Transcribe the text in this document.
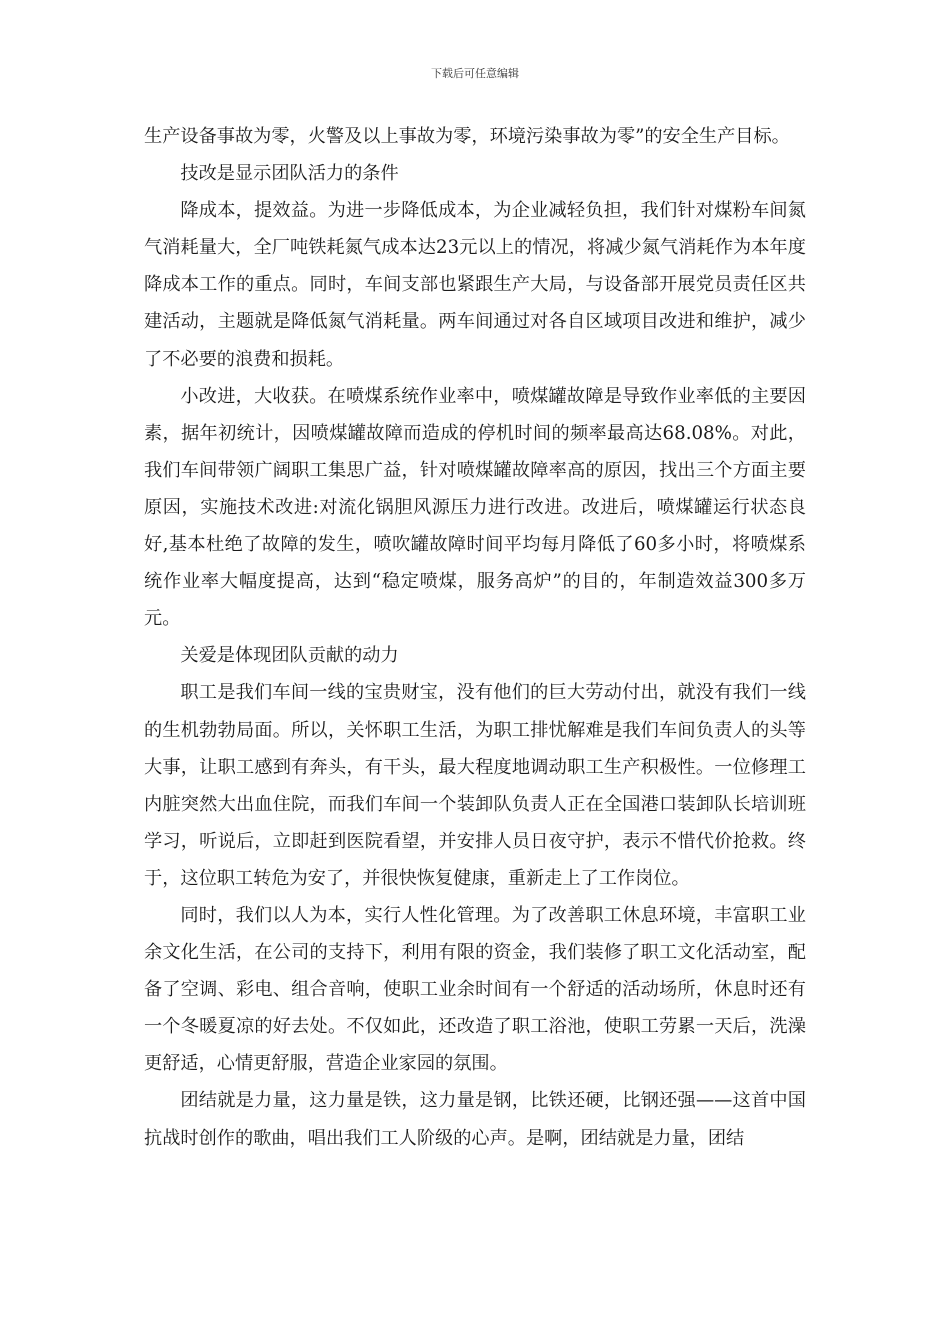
下载后可任意编辑

生产设备事故为零，火警及以上事故为零，环境污染事故为零”的安全生产目标。

技改是显示团队活力的条件

降成本，提效益。为进一步降低成本，为企业减轻负担，我们针对煤粉车间氮气消耗量大，全厂吨铁耗氮气成本达23元以上的情况，将减少氮气消耗作为本年度降成本工作的重点。同时，车间支部也紧跟生产大局，与设备部开展党员责任区共建活动，主题就是降低氮气消耗量。两车间通过对各自区域项目改进和维护，减少了不必要的浪费和损耗。

小改进，大收获。在喷煤系统作业率中，喷煤罐故障是导致作业率低的主要因素，据年初统计，因喷煤罐故障而造成的停机时间的频率最高达68.08%。对此，我们车间带领广阔职工集思广益，针对喷煤罐故障率高的原因，找出三个方面主要原因，实施技术改进:对流化锅胆风源压力进行改进。改进后，喷煤罐运行状态良好,基本杜绝了故障的发生，喷吹罐故障时间平均每月降低了60多小时，将喷煤系统作业率大幅度提高，达到“稳定喷煤，服务高炉”的目的，年制造效益300多万元。

关爱是体现团队贡献的动力

职工是我们车间一线的宝贵财宝，没有他们的巨大劳动付出，就没有我们一线的生机勃勃局面。所以，关怀职工生活，为职工排忧解难是我们车间负责人的头等大事，让职工感到有奔头，有干头，最大程度地调动职工生产积极性。一位修理工内脏突然大出血住院，而我们车间一个装卸队负责人正在全国港口装卸队长培训班学习，听说后，立即赶到医院看望，并安排人员日夜守护，表示不惜代价抢救。终于，这位职工转危为安了，并很快恢复健康，重新走上了工作岗位。

同时，我们以人为本，实行人性化管理。为了改善职工休息环境，丰富职工业余文化生活，在公司的支持下，利用有限的资金，我们装修了职工文化活动室，配备了空调、彩电、组合音响，使职工业余时间有一个舒适的活动场所，休息时还有一个冬暖夏凉的好去处。不仅如此，还改造了职工浴池，使职工劳累一天后，洗澡更舒适，心情更舒服，营造企业家园的氛围。

团结就是力量，这力量是铁，这力量是钢，比铁还硬，比钢还强——这首中国抗战时创作的歌曲，唱出我们工人阶级的心声。是啊，团结就是力量，团结
